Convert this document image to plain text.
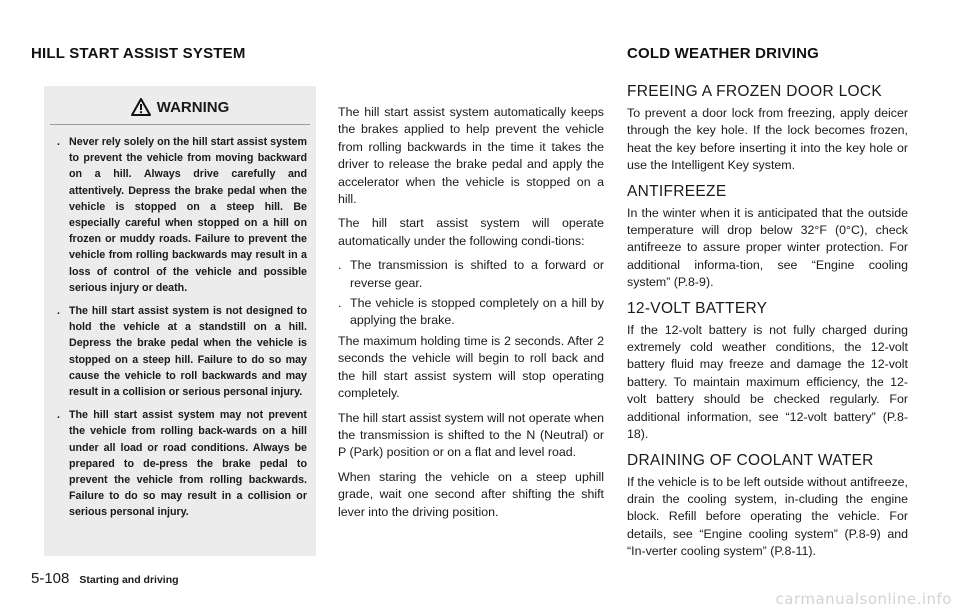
HILL START ASSIST SYSTEM	COLD WEATHER DRIVING
WARNING
. Never rely solely on the hill start assist system to prevent the vehicle from moving backward on a hill. Always drive carefully and attentively. Depress the brake pedal when the vehicle is stopped on a steep hill. Be especially careful when stopped on a hill on frozen or muddy roads. Failure to prevent the vehicle from rolling backwards may result in a loss of control of the vehicle and possible serious injury or death.
. The hill start assist system is not designed to hold the vehicle at a standstill on a hill. Depress the brake pedal when the vehicle is stopped on a steep hill. Failure to do so may cause the vehicle to roll backwards and may result in a collision or serious personal injury.
. The hill start assist system may not prevent the vehicle from rolling back-wards on a hill under all load or road conditions. Always be prepared to de-press the brake pedal to prevent the vehicle from rolling backwards. Failure to do so may result in a collision or serious personal injury.

The hill start assist system automatically keeps the brakes applied to help prevent the vehicle from rolling backwards in the time it takes the driver to release the brake pedal and apply the accelerator when the vehicle is stopped on a hill.

The hill start assist system will operate automatically under the following condi-tions:

. The transmission is shifted to a forward or reverse gear.
. The vehicle is stopped completely on a hill by applying the brake.

The maximum holding time is 2 seconds. After 2 seconds the vehicle will begin to roll back and the hill start assist system will stop operating completely.

The hill start assist system will not operate when the transmission is shifted to the N (Neutral) or P (Park) position or on a flat and level road.

When staring the vehicle on a steep uphill grade, wait one second after shifting the shift lever into the driving position.

FREEING A FROZEN DOOR LOCK

To prevent a door lock from freezing, apply deicer through the key hole. If the lock becomes frozen, heat the key before inserting it into the key hole or use the Intelligent Key system.

ANTIFREEZE

In the winter when it is anticipated that the outside temperature will drop below 32°F (0°C), check antifreeze to assure proper winter protection. For additional informa-tion, see “Engine cooling system” (P.8-9).

12-VOLT BATTERY

If the 12-volt battery is not fully charged during extremely cold weather conditions, the 12-volt battery fluid may freeze and damage the 12-volt battery. To maintain maximum efficiency, the 12-volt battery should be checked regularly. For additional information, see “12-volt battery” (P.8-18).

DRAINING OF COOLANT WATER

If the vehicle is to be left outside without antifreeze, drain the cooling system, in-cluding the engine block. Refill before operating the vehicle. For details, see “Engine cooling system” (P.8-9) and “In-verter cooling system” (P.8-11).

5-108 Starting and driving
carmanualsonline.info
